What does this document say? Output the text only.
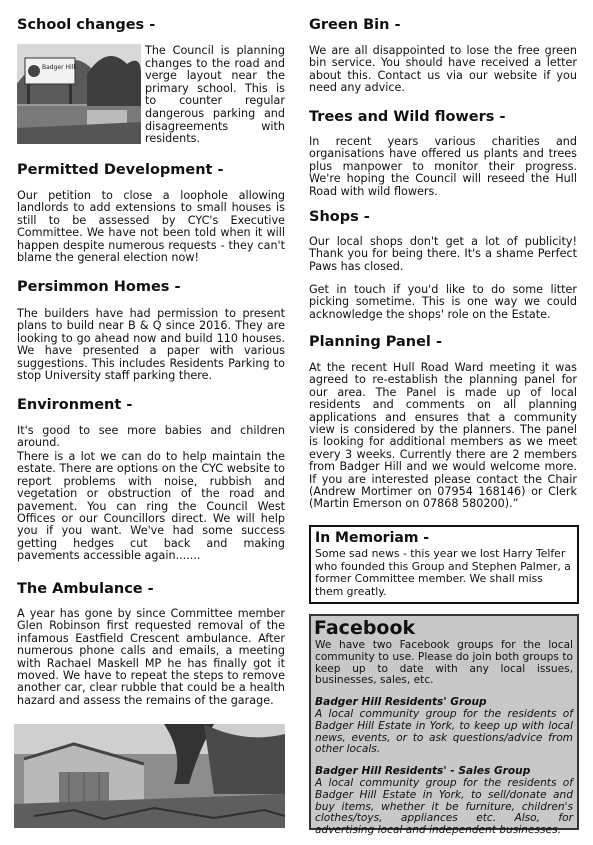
School changes -
Badger Hill

The Council is planning changes to the road and verge layout near the primary school. This is to counter regular dangerous parking and disagreements with residents.

Permitted Development -

Our petition to close a loophole allowing landlords to add extensions to small houses is still to be assessed by CYC's Executive Committee. We have not been told when it will happen despite numerous requests - they can't blame the general election now!

Persimmon Homes -

The builders have had permission to present plans to build near B & Q since 2016. They are looking to go ahead now and build 110 houses. We have presented a paper with various suggestions. This includes Residents Parking to stop University staff parking there.

Environment -

It's good to see more babies and children around.

There is a lot we can do to help maintain the estate. There are options on the CYC website to report problems with noise, rubbish and vegetation or obstruction of the road and pavement. You can ring the Council West Offices or our Councillors direct. We will help you if you want. We've had some success getting hedges cut back and making pavements accessible again.......

The Ambulance -

A year has gone by since Committee member Glen Robinson first requested removal of the infamous Eastfield Crescent ambulance. After numerous phone calls and emails, a meeting with Rachael Maskell MP he has finally got it moved. We have to repeat the steps to remove another car, clear rubble that could be a health hazard and assess the remains of the garage.

Green Bin -

We are all disappointed to lose the free green bin service. You should have received a letter about this. Contact us via our website if you need any advice.

Trees and Wild flowers -

In recent years various charities and organisations have offered us plants and trees plus manpower to monitor their progress. We're hoping the Council will reseed the Hull Road with wild flowers.

Shops -

Our local shops don't get a lot of publicity! Thank you for being there. It's a shame Perfect Paws has closed.

Get in touch if you'd like to do some litter picking sometime. This is one way we could acknowledge the shops' role on the Estate.

Planning Panel -

At the recent Hull Road Ward meeting it was agreed to re-establish the planning panel for our area. The Panel is made up of local residents and comments on all planning applications and ensures that a community view is considered by the planners. The panel is looking for additional members as we meet every 3 weeks. Currently there are 2 members from Badger Hill and we would welcome more. If you are interested please contact the Chair (Andrew Mortimer on 07954 168146) or Clerk (Martin Emerson on 07868 580200).”

In Memoriam -

Some sad news - this year we lost Harry Telfer who founded this Group and Stephen Palmer, a former Committee member. We shall miss them greatly.

Facebook

We have two Facebook groups for the local community to use. Please do join both groups to keep up to date with any local issues, businesses, sales, etc.

Badger Hill Residents' Group

A local community group for the residents of Badger Hill Estate in York, to keep up with local news, events, or to ask questions/advice from other locals.

Badger Hill Residents' - Sales Group

A local community group for the residents of Badger Hill Estate in York, to sell/donate and buy items, whether it be furniture, children's clothes/toys, appliances etc. Also, for advertising local and independent businesses.
